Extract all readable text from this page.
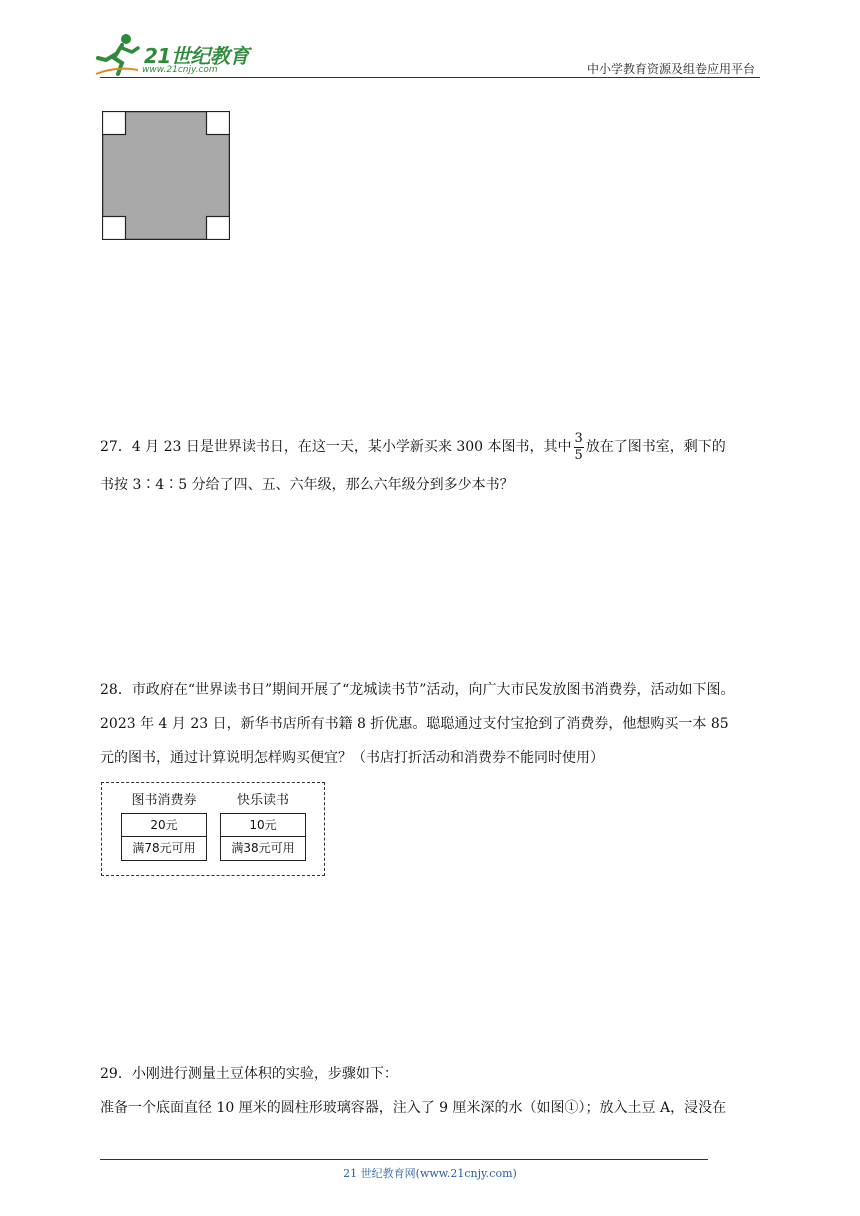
21世纪教育
www.21cnjy.com	中小学教育资源及组卷应用平台

27．4 月 23 日是世界读书日，在这一天，某小学新买来 300 本图书，其中 $\frac{3}{5}$ 放在了图书室，剩下的

书按 3∶4∶5 分给了四、五、六年级，那么六年级分到多少本书？

28．市政府在“世界读书日”期间开展了“龙城读书节”活动，向广大市民发放图书消费券，活动如下图。

2023 年 4 月 23 日，新华书店所有书籍 8 折优惠。聪聪通过支付宝抢到了消费券，他想购买一本 85

元的图书，通过计算说明怎样购买便宜？（书店打折活动和消费券不能同时使用）

图书消费券
20元
满78元可用
快乐读书
10元
满38元可用

29．小刚进行测量土豆体积的实验，步骤如下：

准备一个底面直径 10 厘米的圆柱形玻璃容器，注入了 9 厘米深的水（如图①）；放入土豆 A，浸没在

21 世纪教育网(www.21cnjy.com)
